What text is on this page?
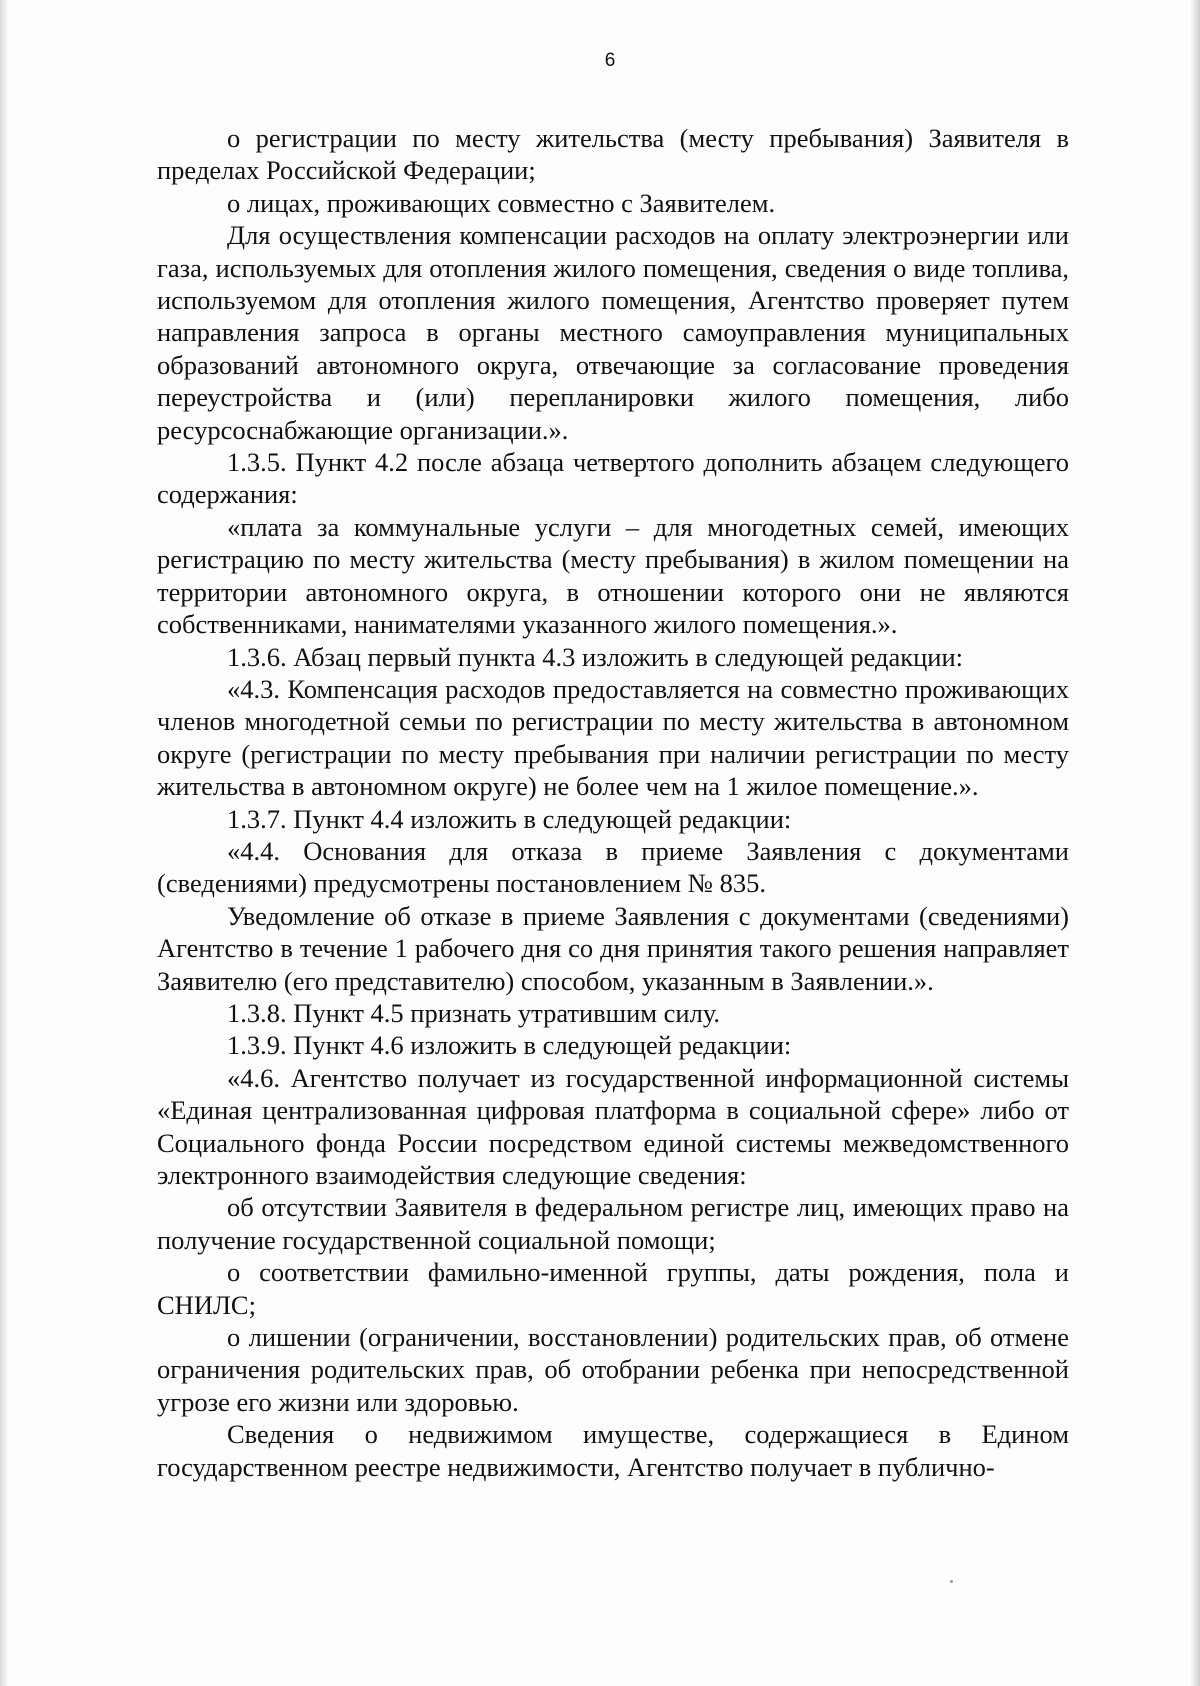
6

о регистрации по месту жительства (месту пребывания) Заявителя в пределах Российской Федерации;

о лицах, проживающих совместно с Заявителем.

Для осуществления компенсации расходов на оплату электроэнергии или газа, используемых для отопления жилого помещения, сведения о виде топлива, используемом для отопления жилого помещения, Агентство проверяет путем направления запроса в органы местного самоуправления муниципальных образований автономного округа, отвечающие за согласование проведения переустройства и (или) перепланировки жилого помещения, либо ресурсоснабжающие организации.».

1.3.5. Пункт 4.2 после абзаца четвертого дополнить абзацем следующего содержания:

«плата за коммунальные услуги – для многодетных семей, имеющих регистрацию по месту жительства (месту пребывания) в жилом помещении на территории автономного округа, в отношении которого они не являются собственниками, нанимателями указанного жилого помещения.».

1.3.6. Абзац первый пункта 4.3 изложить в следующей редакции:

«4.3. Компенсация расходов предоставляется на совместно проживающих членов многодетной семьи по регистрации по месту жительства в автономном округе (регистрации по месту пребывания при наличии регистрации по месту жительства в автономном округе) не более чем на 1 жилое помещение.».

1.3.7. Пункт 4.4 изложить в следующей редакции:

«4.4. Основания для отказа в приеме Заявления с документами (сведениями) предусмотрены постановлением № 835.

Уведомление об отказе в приеме Заявления с документами (сведениями) Агентство в течение 1 рабочего дня со дня принятия такого решения направляет Заявителю (его представителю) способом, указанным в Заявлении.».

1.3.8. Пункт 4.5 признать утратившим силу.

1.3.9. Пункт 4.6 изложить в следующей редакции:

«4.6. Агентство получает из государственной информационной системы «Единая централизованная цифровая платформа в социальной сфере» либо от Социального фонда России посредством единой системы межведомственного электронного взаимодействия следующие сведения:

об отсутствии Заявителя в федеральном регистре лиц, имеющих право на получение государственной социальной помощи;

о соответствии фамильно-именной группы, даты рождения, пола и СНИЛС;

о лишении (ограничении, восстановлении) родительских прав, об отмене ограничения родительских прав, об отобрании ребенка при непосредственной угрозе его жизни или здоровью.

Сведения о недвижимом имуществе, содержащиеся в Едином государственном реестре недвижимости, Агентство получает в публично-
